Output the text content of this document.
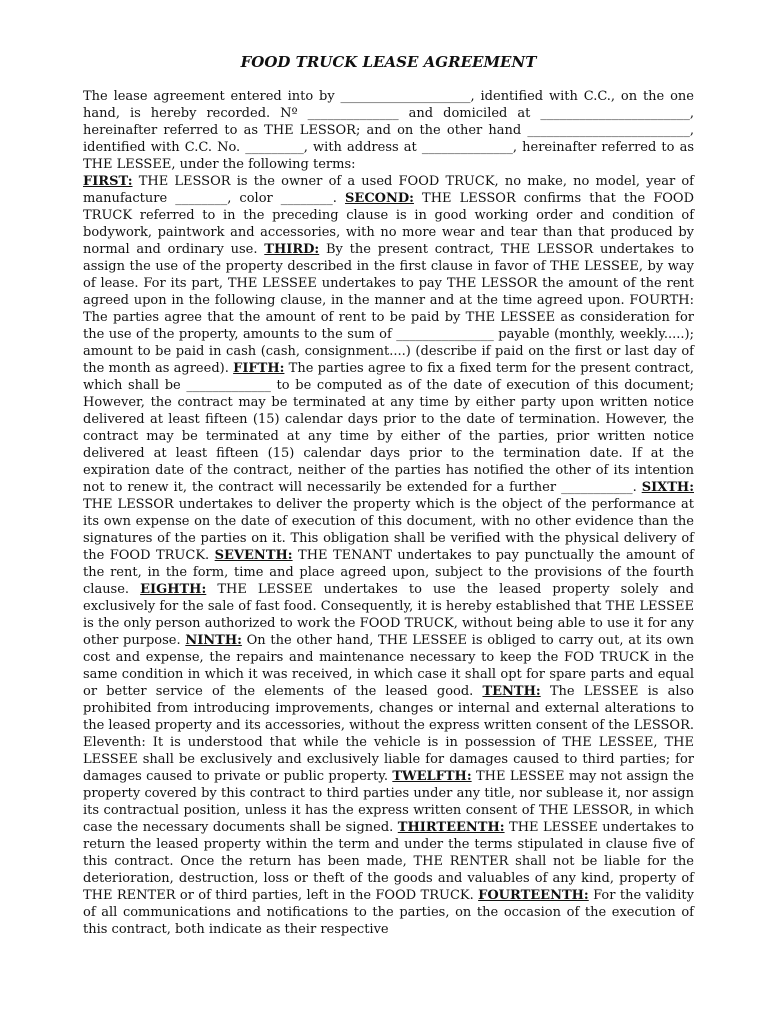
FOOD TRUCK LEASE AGREEMENT

The lease agreement entered into by ____________________, identified with C.C., on the one hand, is hereby recorded. Nº ______________ and domiciled at _______________________, hereinafter referred to as THE LESSOR; and on the other hand _________________________, identified with C.C. No. _________, with address at ______________, hereinafter referred to as THE LESSEE, under the following terms:

FIRST: THE LESSOR is the owner of a used FOOD TRUCK, no make, no model, year of manufacture ________, color ________. SECOND: THE LESSOR confirms that the FOOD TRUCK referred to in the preceding clause is in good working order and condition of bodywork, paintwork and accessories, with no more wear and tear than that produced by normal and ordinary use. THIRD: By the present contract, THE LESSOR undertakes to assign the use of the property described in the first clause in favor of THE LESSEE, by way of lease. For its part, THE LESSEE undertakes to pay THE LESSOR the amount of the rent agreed upon in the following clause, in the manner and at the time agreed upon. FOURTH: The parties agree that the amount of rent to be paid by THE LESSEE as consideration for the use of the property, amounts to the sum of _______________ payable (monthly, weekly.....); amount to be paid in cash (cash, consignment....) (describe if paid on the first or last day of the month as agreed). FIFTH: The parties agree to fix a fixed term for the present contract, which shall be _____________ to be computed as of the date of execution of this document; However, the contract may be terminated at any time by either party upon written notice delivered at least fifteen (15) calendar days prior to the date of termination. However, the contract may be terminated at any time by either of the parties, prior written notice delivered at least fifteen (15) calendar days prior to the termination date. If at the expiration date of the contract, neither of the parties has notified the other of its intention not to renew it, the contract will necessarily be extended for a further ___________. SIXTH: THE LESSOR undertakes to deliver the property which is the object of the performance at its own expense on the date of execution of this document, with no other evidence than the signatures of the parties on it. This obligation shall be verified with the physical delivery of the FOOD TRUCK. SEVENTH: THE TENANT undertakes to pay punctually the amount of the rent, in the form, time and place agreed upon, subject to the provisions of the fourth clause. EIGHTH: THE LESSEE undertakes to use the leased property solely and exclusively for the sale of fast food. Consequently, it is hereby established that THE LESSEE is the only person authorized to work the FOOD TRUCK, without being able to use it for any other purpose. NINTH: On the other hand, THE LESSEE is obliged to carry out, at its own cost and expense, the repairs and maintenance necessary to keep the FOD TRUCK in the same condition in which it was received, in which case it shall opt for spare parts and equal or better service of the elements of the leased good. TENTH: The LESSEE is also prohibited from introducing improvements, changes or internal and external alterations to the leased property and its accessories, without the express written consent of the LESSOR. Eleventh: It is understood that while the vehicle is in possession of THE LESSEE, THE LESSEE shall be exclusively and exclusively liable for damages caused to third parties; for damages caused to private or public property. TWELFTH: THE LESSEE may not assign the property covered by this contract to third parties under any title, nor sublease it, nor assign its contractual position, unless it has the express written consent of THE LESSOR, in which case the necessary documents shall be signed. THIRTEENTH: THE LESSEE undertakes to return the leased property within the term and under the terms stipulated in clause five of this contract. Once the return has been made, THE RENTER shall not be liable for the deterioration, destruction, loss or theft of the goods and valuables of any kind, property of THE RENTER or of third parties, left in the FOOD TRUCK. FOURTEENTH: For the validity of all communications and notifications to the parties, on the occasion of the execution of this contract, both indicate as their respective
